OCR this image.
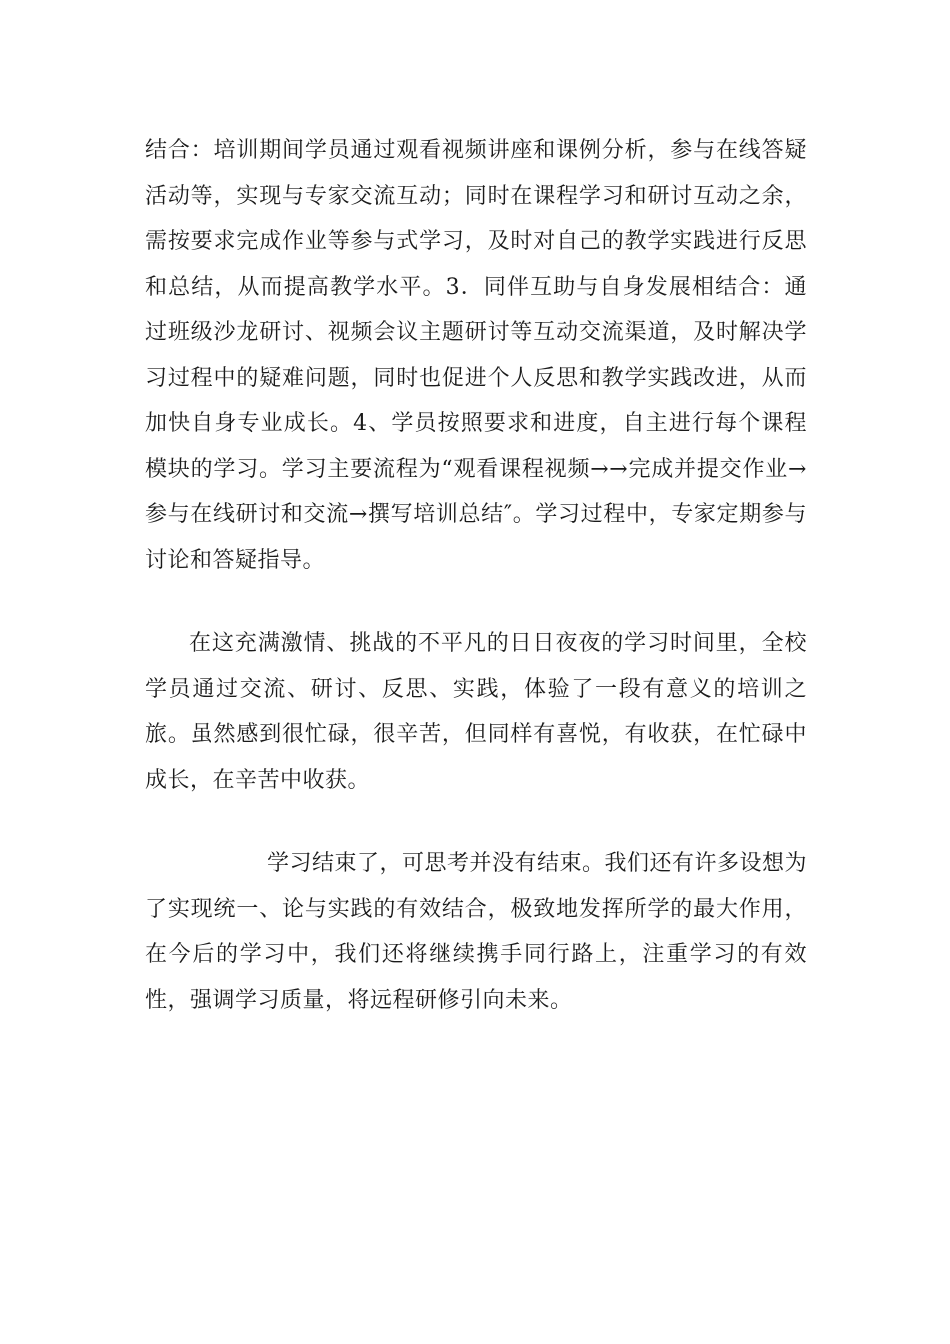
结合：培训期间学员通过观看视频讲座和课例分析，参与在线答疑活动等，实现与专家交流互动；同时在课程学习和研讨互动之余，需按要求完成作业等参与式学习，及时对自己的教学实践进行反思和总结，从而提高教学水平。3．同伴互助与自身发展相结合：通过班级沙龙研讨、视频会议主题研讨等互动交流渠道，及时解决学习过程中的疑难问题，同时也促进个人反思和教学实践改进，从而加快自身专业成长。4、学员按照要求和进度，自主进行每个课程模块的学习。学习主要流程为“观看课程视频→→完成并提交作业→参与在线研讨和交流→撰写培训总结″。学习过程中，专家定期参与讨论和答疑指导。

在这充满激情、挑战的不平凡的日日夜夜的学习时间里，全校学员通过交流、研讨、反思、实践，体验了一段有意义的培训之旅。虽然感到很忙碌，很辛苦，但同样有喜悦，有收获，在忙碌中成长，在辛苦中收获。

学习结束了，可思考并没有结束。我们还有许多设想为了实现统一、论与实践的有效结合，极致地发挥所学的最大作用，在今后的学习中，我们还将继续携手同行路上，注重学习的有效性，强调学习质量，将远程研修引向未来。
